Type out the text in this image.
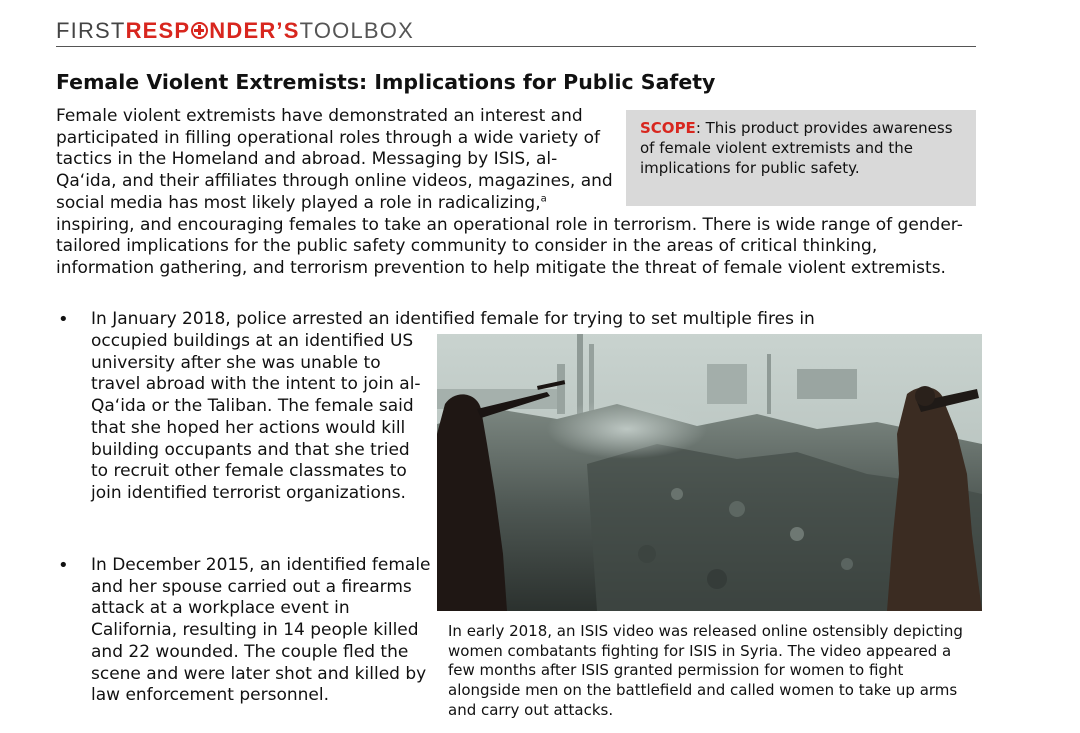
FIRSTRESP NDER’STOOLBOX
Female Violent Extremists: Implications for Public Safety
SCOPE: This product provides awareness of female violent extremists and the implications for public safety.

Female violent extremists have demonstrated an interest and participated in filling operational roles through a wide variety of tactics in the Homeland and abroad. Messaging by ISIS, al-Qa‘ida, and their affiliates through online videos, magazines, and social media has most likely played a role in radicalizing,$^a$ inspiring, and encouraging females to take an operational role in terrorism. There is wide range of gender-tailored implications for the public safety community to consider in the areas of critical thinking, information gathering, and terrorism prevention to help mitigate the threat of female violent extremists.

• In January 2018, police arrested an identified female for trying to set multiple fires in

occupied buildings at an identified US university after she was unable to travel abroad with the intent to join al-Qa‘ida or the Taliban. The female said that she hoped her actions would kill building occupants and that she tried to recruit other female classmates to join identified terrorist organizations.

• In December 2015, an identified female and her spouse carried out a firearms attack at a workplace event in California, resulting in 14 people killed and 22 wounded. The couple fled the scene and were later shot and killed by law enforcement personnel.

In early 2018, an ISIS video was released online ostensibly depicting women combatants fighting for ISIS in Syria. The video appeared a few months after ISIS granted permission for women to fight alongside men on the battlefield and called women to take up arms and carry out attacks.
